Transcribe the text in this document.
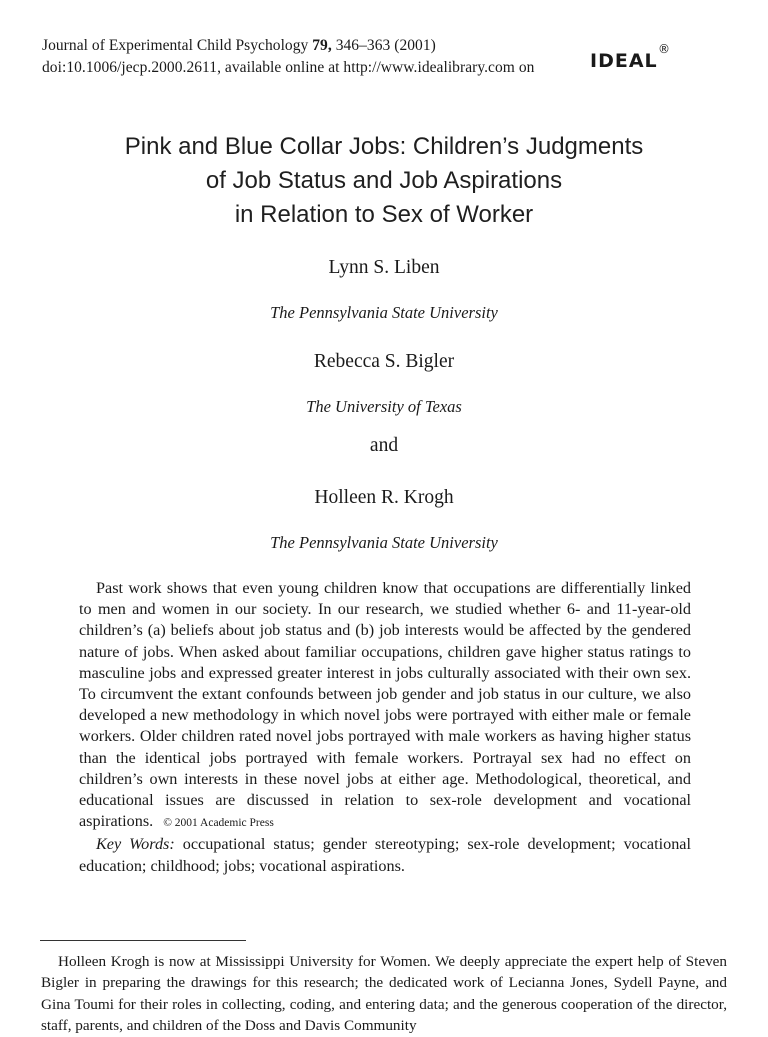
Journal of Experimental Child Psychology 79, 346–363 (2001)
doi:10.1006/jecp.2000.2611, available online at http://www.idealibrary.com on	IDEAL
®
Pink and Blue Collar Jobs: Children’s Judgments
of Job Status and Job Aspirations
in Relation to Sex of Worker
Lynn S. Liben
The Pennsylvania State University
Rebecca S. Bigler
The University of Texas
and
Holleen R. Krogh
The Pennsylvania State University

Past work shows that even young children know that occupations are differentially linked to men and women in our society. In our research, we studied whether 6- and 11-year-old children’s (a) beliefs about job status and (b) job interests would be affected by the gendered nature of jobs. When asked about familiar occupations, children gave higher status ratings to masculine jobs and expressed greater interest in jobs culturally associated with their own sex. To circumvent the extant confounds between job gender and job status in our culture, we also developed a new methodology in which novel jobs were portrayed with either male or female workers. Older children rated novel jobs portrayed with male workers as having higher status than the identical jobs portrayed with female workers. Portrayal sex had no effect on children’s own interests in these novel jobs at either age. Methodological, theoretical, and educational issues are discussed in relation to sex-role development and vocational aspirations. © 2001 Academic Press

Key Words: occupational status; gender stereotyping; sex-role development; vocational education; childhood; jobs; vocational aspirations.

Holleen Krogh is now at Mississippi University for Women. We deeply appreciate the expert help of Steven Bigler in preparing the drawings for this research; the dedicated work of Lecianna Jones, Sydell Payne, and Gina Toumi for their roles in collecting, coding, and entering data; and the generous cooperation of the director, staff, parents, and children of the Doss and Davis Community
